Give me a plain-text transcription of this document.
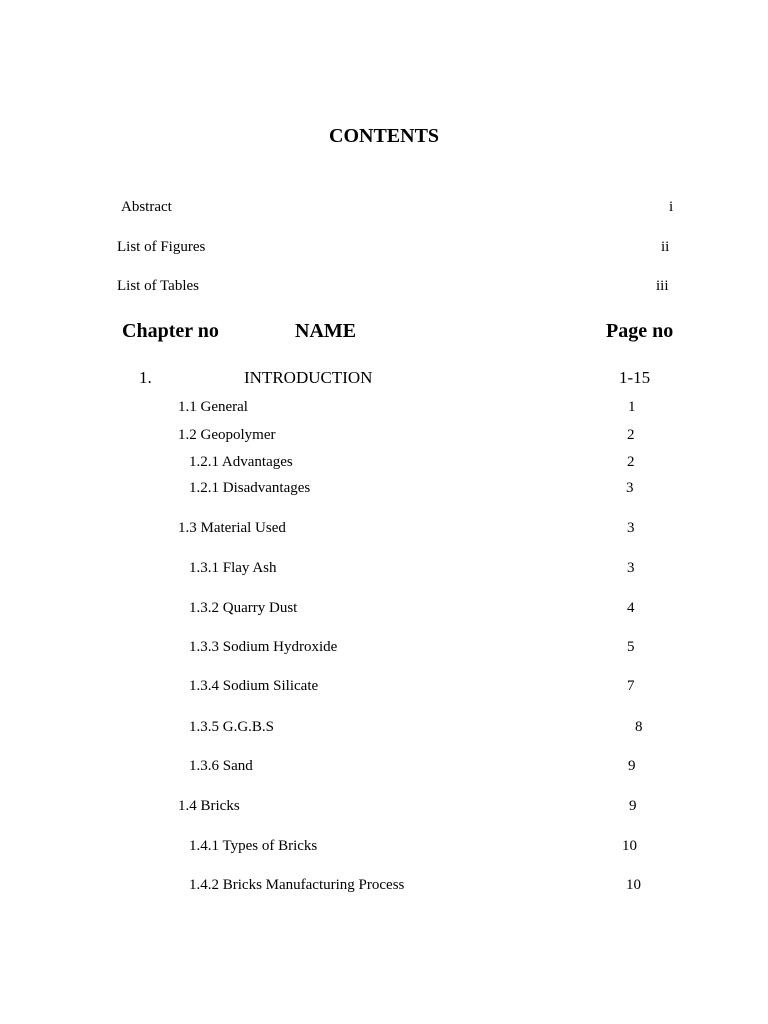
CONTENTS
Abstract	i
List of Figures	ii
List of Tables	iii
Chapter no	NAME	Page no
1.	INTRODUCTION	1-15
1.1 General	1
1.2 Geopolymer	2
1.2.1 Advantages	2
1.2.1 Disadvantages	3
1.3 Material Used	3
1.3.1 Flay Ash	3
1.3.2 Quarry Dust	4
1.3.3 Sodium Hydroxide	5
1.3.4 Sodium Silicate	7
1.3.5 G.G.B.S	8
1.3.6 Sand	9
1.4 Bricks	9
1.4.1 Types of Bricks	10
1.4.2 Bricks Manufacturing Process	10
